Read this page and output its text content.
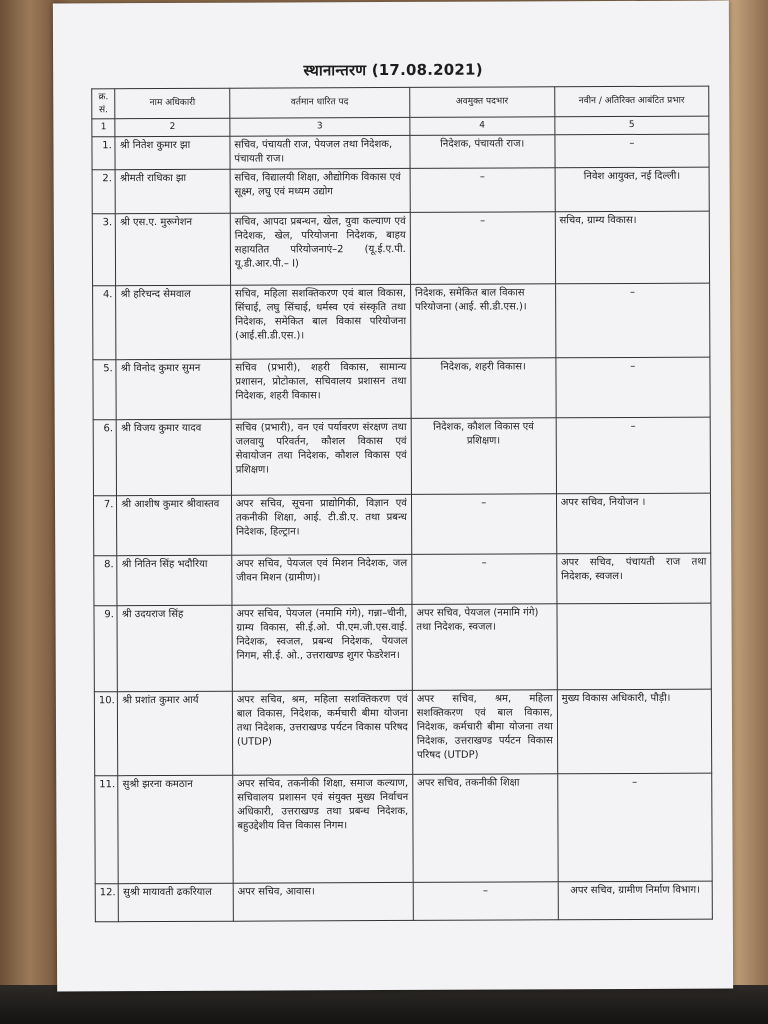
स्थानान्तरण (17.08.2021)
क्र. सं.	नाम अधिकारी	वर्तमान धारित पद	अवमुक्त पदभार	नवीन / अतिरिक्त आबंटित प्रभार
1	2	3	4	5
1.	श्री नितेश कुमार झा	सचिव, पंचायती राज, पेयजल तथा निदेशक, पंचायती राज।	निदेशक, पंचायती राज।	–
2.	श्रीमती राधिका झा	सचिव, विद्यालयी शिक्षा, औद्योगिक विकास एवं सूक्ष्म, लघु एवं मध्यम उद्योग	–	निवेश आयुक्त, नई दिल्ली।
3.	श्री एस.ए. मुरूगेशन	सचिव, आपदा प्रबन्धन, खेल, युवा कल्याण एवं निदेशक, खेल, परियोजना निदेशक, बाहय सहायतित परियोजनाएं–2 (यू.ई.ए.पी. यू.डी.आर.पी.– I)	–	सचिव, ग्राम्य विकास।
4.	श्री हरिचन्द सेमवाल	सचिव, महिला सशक्तिकरण एवं बाल विकास, सिंचाई, लघु सिंचाई, धर्मस्व एवं संस्कृति तथा निदेशक, समेकित बाल विकास परियोजना (आई.सी.डी.एस.)।	निदेशक, समेकित बाल विकास परियोजना (आई. सी.डी.एस.)।	–
5.	श्री विनोद कुमार सुमन	सचिव (प्रभारी), शहरी विकास, सामान्य प्रशासन, प्रोटोकाल, सचिवालय प्रशासन तथा निदेशक, शहरी विकास।	निदेशक, शहरी विकास।	–
6.	श्री विजय कुमार यादव	सचिव (प्रभारी), वन एवं पर्यावरण संरक्षण तथा जलवायु परिवर्तन, कौशल विकास एवं सेवायोजन तथा निदेशक, कौशल विकास एवं प्रशिक्षण।	निदेशक, कौशल विकास एवं प्रशिक्षण।	–
7.	श्री आशीष कुमार श्रीवास्तव	अपर सचिव, सूचना प्राद्योगिकी, विज्ञान एवं तकनीकी शिक्षा, आई. टी.डी.ए. तथा प्रबन्ध निदेशक, हिल्ट्रान।	–	अपर सचिव, नियोजन ।
8.	श्री नितिन सिंह भदौरिया	अपर सचिव, पेयजल एवं मिशन निदेशक, जल जीवन मिशन (ग्रामीण)।	–	अपर सचिव, पंचायती राज तथा निदेशक, स्वजल।
9.	श्री उदयराज सिंह	अपर सचिव, पेयजल (नमामि गंगे), गन्ना–चीनी, ग्राम्य विकास, सी.ई.ओ. पी.एम.जी.एस.वाई. निदेशक, स्वजल, प्रबन्ध निदेशक, पेयजल निगम, सी.ई. ओ., उत्तराखण्ड शुगर फेडरेशन।	अपर सचिव, पेयजल (नमामि गंगे) तथा निदेशक, स्वजल।	
10.	श्री प्रशांत कुमार आर्य	अपर सचिव, श्रम, महिला सशक्तिकरण एवं बाल विकास, निदेशक, कर्मचारी बीमा योजना तथा निदेशक, उत्तराखण्ड पर्यटन विकास परिषद (UTDP)	अपर सचिव, श्रम, महिला सशक्तिकरण एवं बाल विकास, निदेशक, कर्मचारी बीमा योजना तथा निदेशक, उत्तराखण्ड पर्यटन विकास परिषद (UTDP)	मुख्य विकास अधिकारी, पौड़ी।
11.	सुश्री झरना कमठान	अपर सचिव, तकनीकी शिक्षा, समाज कल्याण, सचिवालय प्रशासन एवं संयुक्त मुख्य निर्वाचन अधिकारी, उत्तराखण्ड तथा प्रबन्ध निदेशक, बहुउद्देशीय वित्त विकास निगम।	अपर सचिव, तकनीकी शिक्षा	–
12.	सुश्री मायावती ढकरियाल	अपर सचिव, आवास।	–	अपर सचिव, ग्रामीण निर्माण विभाग।
